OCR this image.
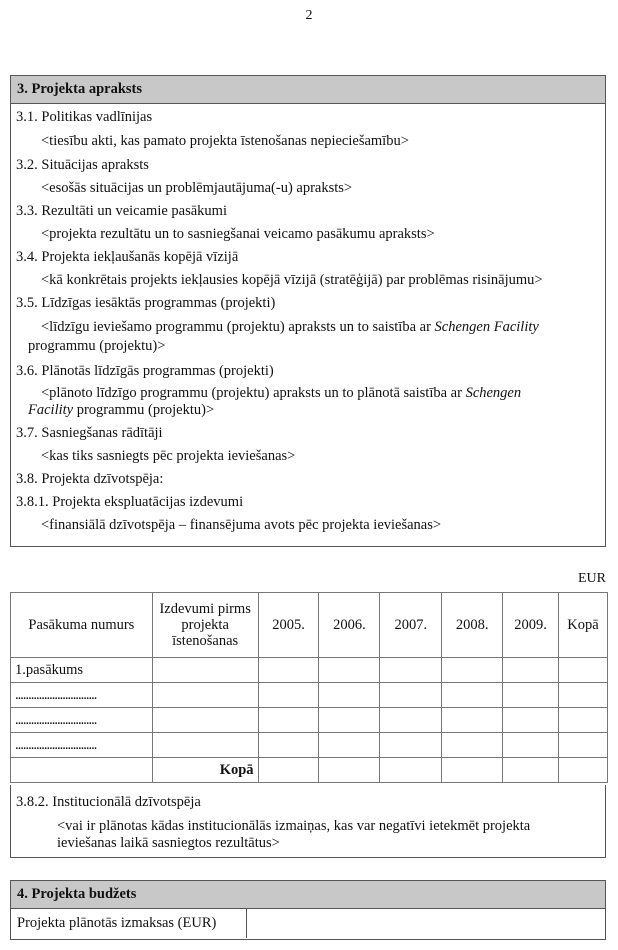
2
3. Projekta apraksts
3.1. Politikas vadlīnijas
<tiesību akti, kas pamato projekta īstenošanas nepieciešamību>
3.2. Situācijas apraksts
<esošās situācijas un problēmjautājuma(-u) apraksts>
3.3. Rezultāti un veicamie pasākumi
<projekta rezultātu un to sasniegšanai veicamo pasākumu apraksts>
3.4. Projekta iekļaušanās kopējā vīzijā
<kā konkrētais projekts iekļausies kopējā vīzijā (stratēģijā) par problēmas risinājumu>
3.5. Līdzīgas iesāktās programmas (projekti)
<līdzīgu ieviešamo programmu (projektu) apraksts un to saistība ar Schengen Facility
programmu (projektu)>
3.6. Plānotās līdzīgās programmas (projekti)
<plānoto līdzīgo programmu (projektu) apraksts un to plānotā saistība ar Schengen
Facility programmu (projektu)>
3.7. Sasniegšanas rādītāji
<kas tiks sasniegts pēc projekta ieviešanas>
3.8. Projekta dzīvotspēja:
3.8.1. Projekta ekspluatācijas izdevumi
<finansiālā dzīvotspēja – finansējuma avots pēc projekta ieviešanas>
EUR
Pasākuma numurs	Izdevumi pirms projekta īstenošanas	2005.	2006.	2007.	2008.	2009.	Kopā
1.pasākums							
...............................							
...............................							
...............................							
	Kopā						
3.8.2. Institucionālā dzīvotspēja
<vai ir plānotas kādas institucionālās izmaiņas, kas var negatīvi ietekmēt projekta ieviešanas laikā sasniegtos rezultātus>
4. Projekta budžets
Projekta plānotās izmaksas (EUR)
